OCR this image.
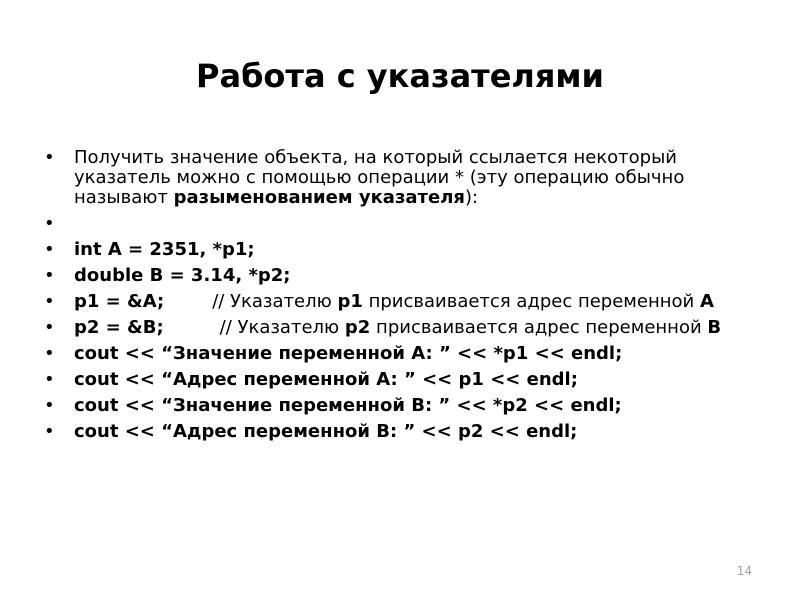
Работа с указателями
• Получить значение объекта, на который ссылается некоторый указатель можно с помощью операции * (эту операцию обычно называют разыменованием указателя):
•
• int A = 2351, *p1;
• double B = 3.14, *p2;
• p1 = &A;	// Указателю p1 присваивается адрес переменной A
• p2 = &B;	// Указателю p2 присваивается адрес переменной B
• cout << “Значение переменной A: ” << *p1 << endl;
• cout << “Адрес переменной A: ” << p1 << endl;
• cout << “Значение переменной B: ” << *p2 << endl;
• cout << “Адрес переменной B: ” << p2 << endl;
14
